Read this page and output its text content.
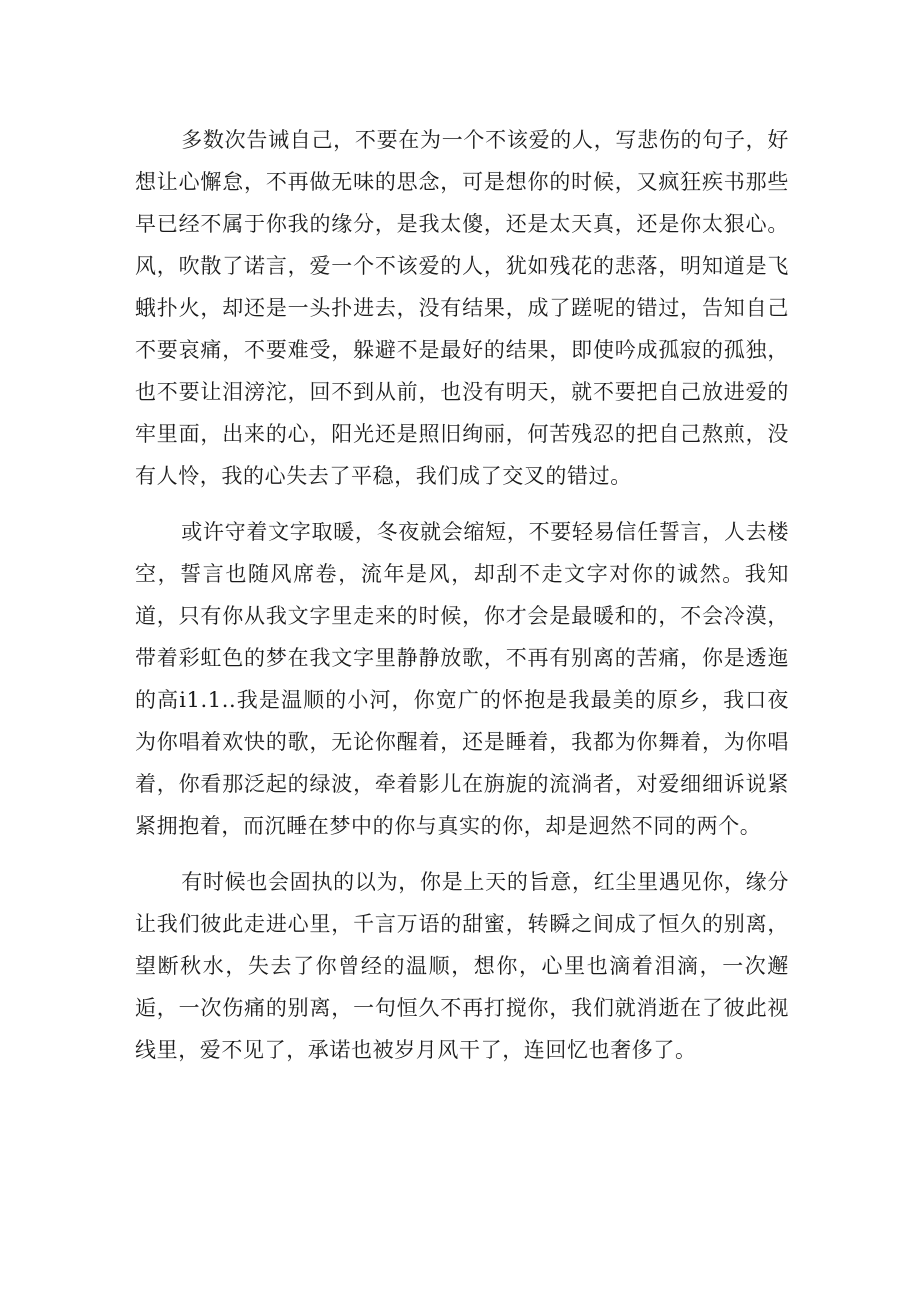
多数次告诫自己，不要在为一个不该爱的人，写悲伤的句子，好想让心懈怠，不再做无味的思念，可是想你的时候，又疯狂疾书那些早已经不属于你我的缘分，是我太傻，还是太天真，还是你太狠心。风，吹散了诺言，爱一个不该爱的人，犹如残花的悲落，明知道是飞蛾扑火，却还是一头扑进去，没有结果，成了蹉呢的错过，告知自己不要哀痛，不要难受，躲避不是最好的结果，即使吟成孤寂的孤独，也不要让泪滂沱，回不到从前，也没有明天，就不要把自己放进爱的牢里面，出来的心，阳光还是照旧绚丽，何苦残忍的把自己熬煎，没有人怜，我的心失去了平稳，我们成了交叉的错过。

或许守着文字取暖，冬夜就会缩短，不要轻易信任誓言，人去楼空，誓言也随风席卷，流年是风，却刮不走文字对你的诚然。我知道，只有你从我文字里走来的时候，你才会是最暖和的，不会冷漠，带着彩虹色的梦在我文字里静静放歌，不再有别离的苦痛，你是透迤的高i1.1..我是温顺的小河，你宽广的怀抱是我最美的原乡，我口夜为你唱着欢快的歌，无论你醒着，还是睡着，我都为你舞着，为你唱着，你看那泛起的绿波，牵着影儿在旃旎的流淌者，对爱细细诉说紧紧拥抱着，而沉睡在梦中的你与真实的你，却是迥然不同的两个。

有时候也会固执的以为，你是上天的旨意，红尘里遇见你，缘分让我们彼此走进心里，千言万语的甜蜜，转瞬之间成了恒久的别离，望断秋水，失去了你曾经的温顺，想你，心里也滴着泪滴，一次邂逅，一次伤痛的别离，一句恒久不再打搅你，我们就消逝在了彼此视线里，爱不见了，承诺也被岁月风干了，连回忆也奢侈了。
